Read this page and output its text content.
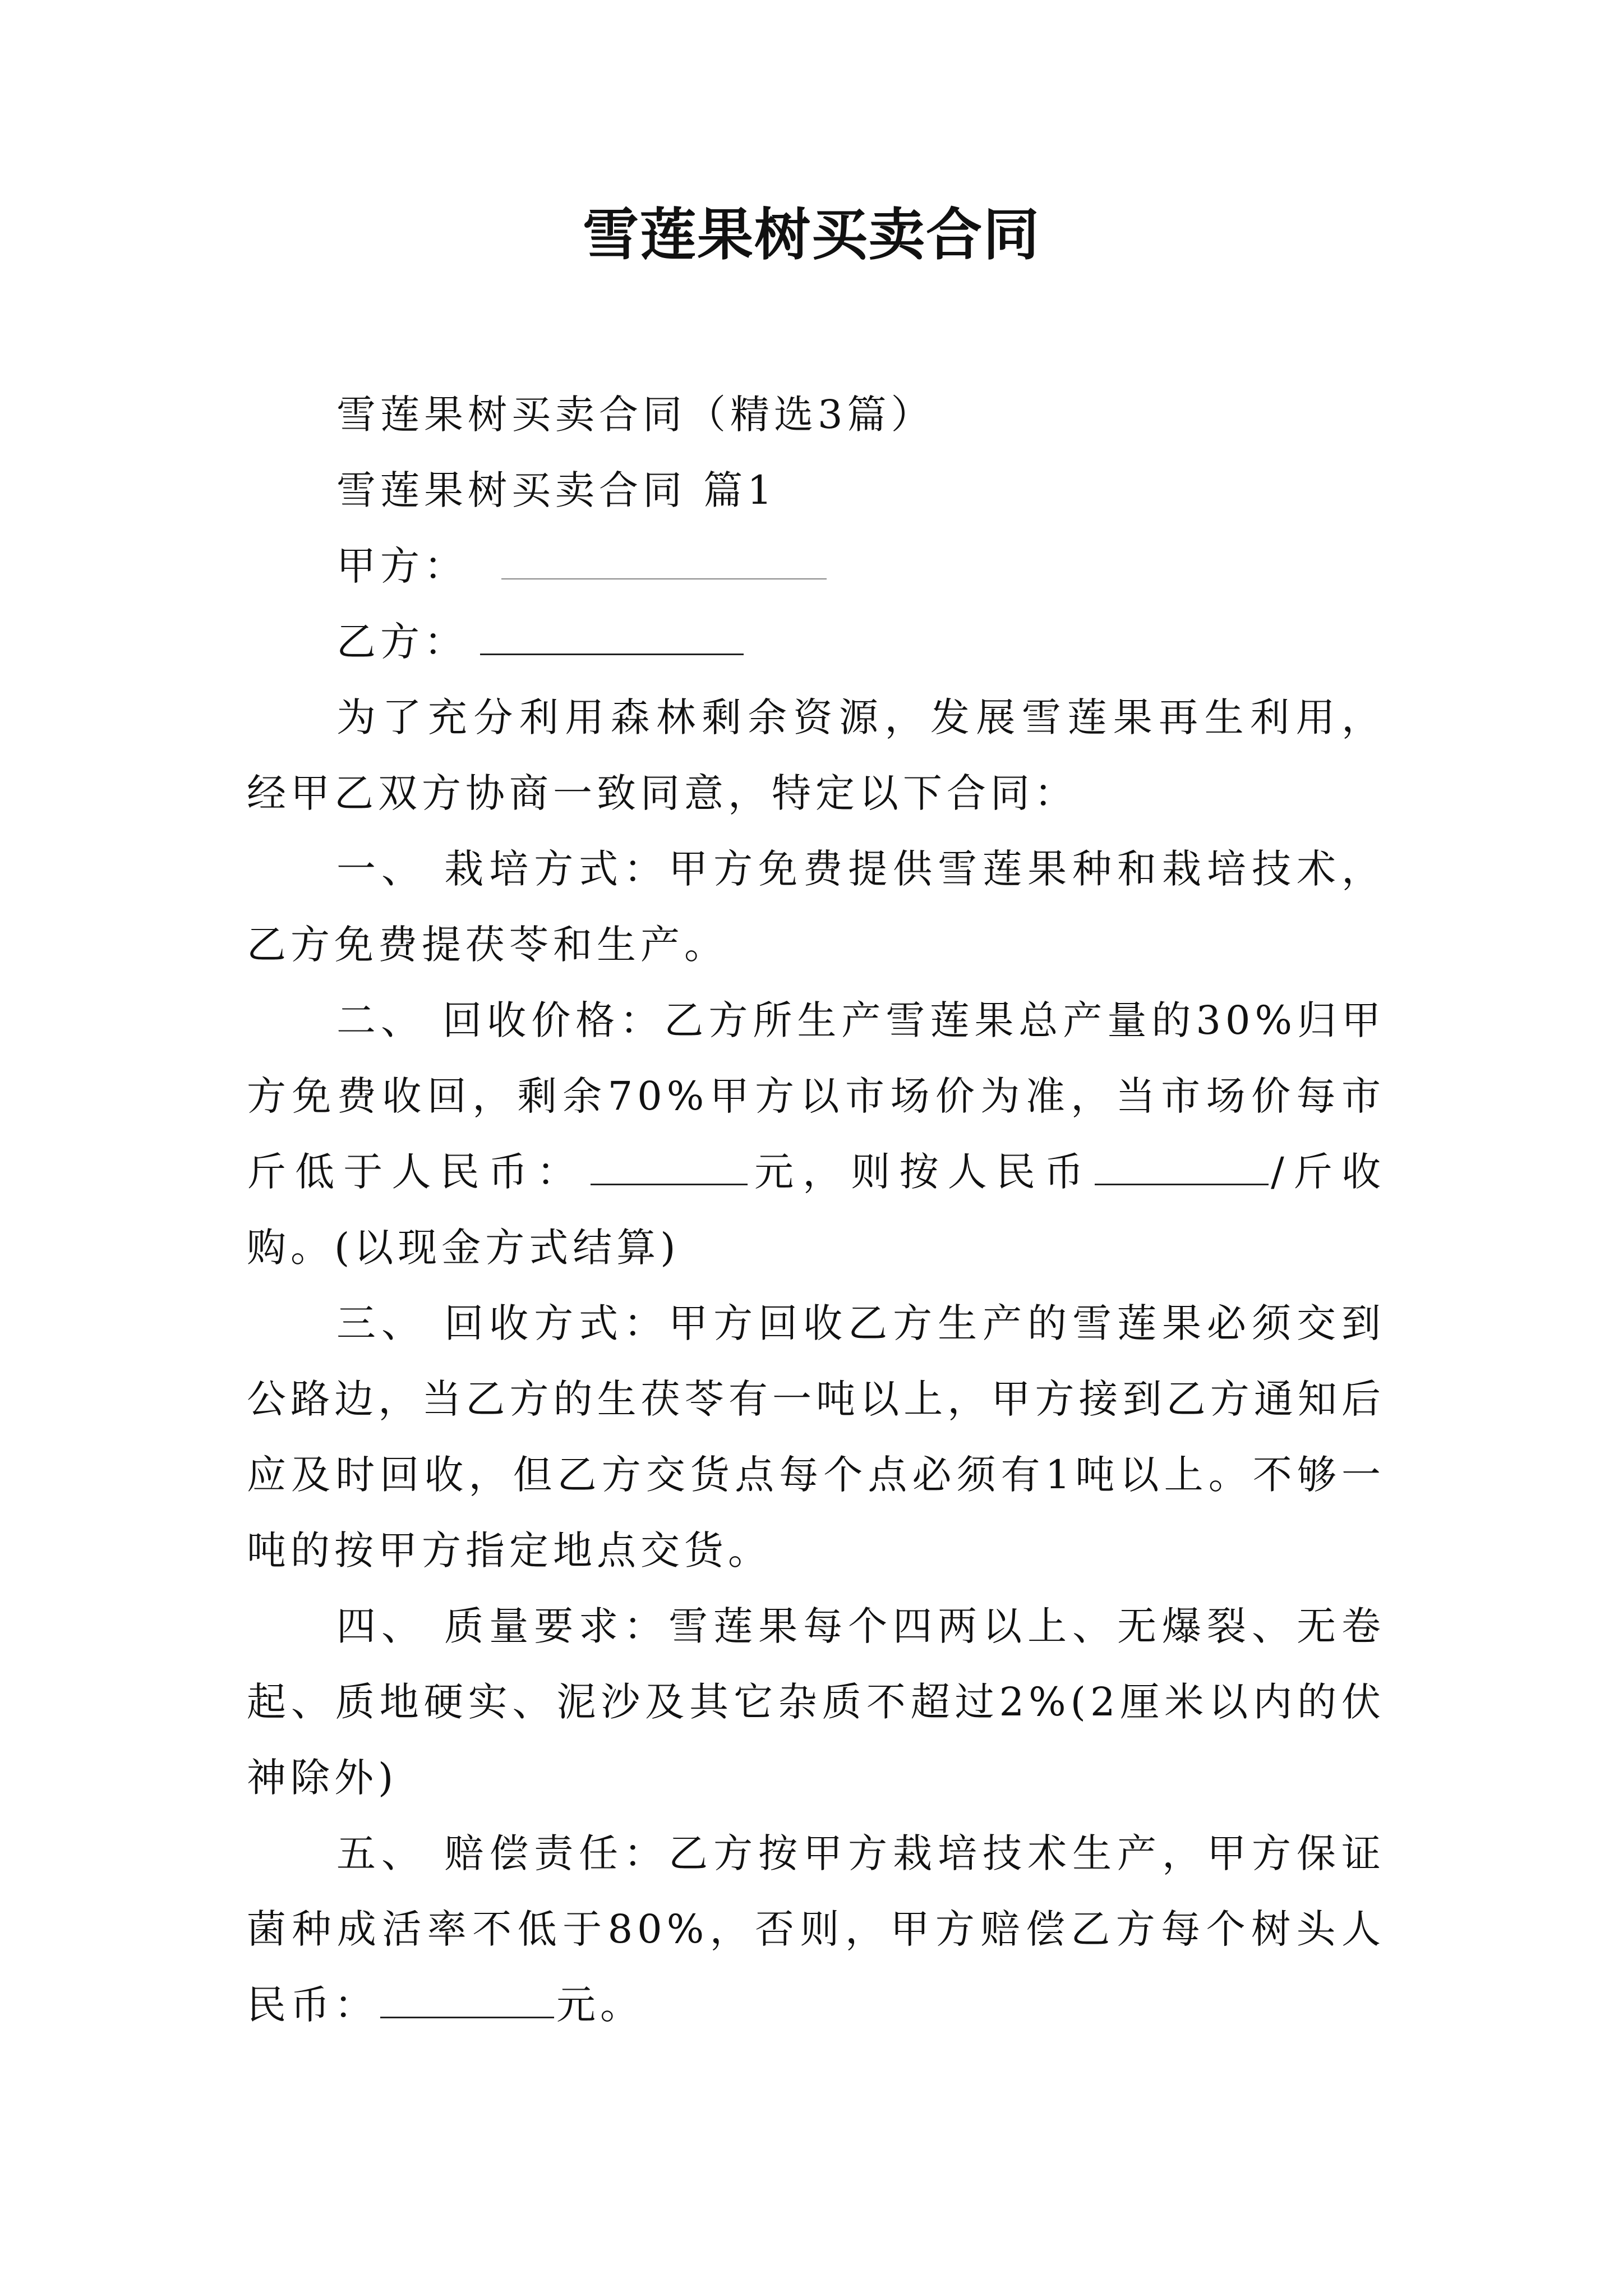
雪莲果树买卖合同

雪莲果树买卖合同（精选3篇）

雪莲果树买卖合同 篇1

甲方：

乙方：

为了充分利用森林剩余资源，发展雪莲果再生利用，经甲乙双方协商一致同意，特定以下合同：

一、 栽培方式：甲方免费提供雪莲果种和栽培技术，乙方免费提茯苓和生产。

二、 回收价格：乙方所生产雪莲果总产量的30%归甲方免费收回，剩余70%甲方以市场价为准，当市场价每市斤低于人民币：	元，则按人民币	/斤收购。(以现金方式结算)

三、 回收方式：甲方回收乙方生产的雪莲果必须交到公路边，当乙方的生茯苓有一吨以上，甲方接到乙方通知后应及时回收，但乙方交货点每个点必须有1吨以上。不够一吨的按甲方指定地点交货。

四、 质量要求：雪莲果每个四两以上、无爆裂、无卷起、质地硬实、泥沙及其它杂质不超过2%(2厘米以内的伏神除外)

五、 赔偿责任：乙方按甲方栽培技术生产，甲方保证菌种成活率不低于80%，否则，甲方赔偿乙方每个树头人民币：	元。
